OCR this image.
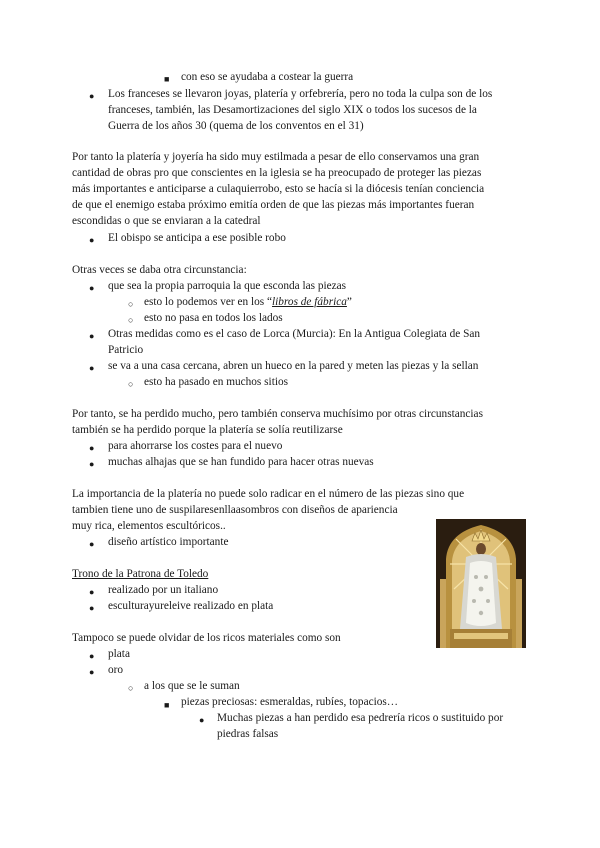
■ con eso se ayudaba a costear la guerra
● Los franceses se llevaron joyas, platería y orfebrería, pero no toda la culpa son de los
franceses, también, las Desamortizaciones del siglo XIX o todos los sucesos de la
Guerra de los años 30 (quema de los conventos en el 31)
Por tanto la platería y joyería ha sido muy estilmada a pesar de ello conservamos una gran
cantidad de obras pro que conscientes en la iglesia se ha preocupado de proteger las piezas
más importantes e anticiparse a culaquierrobo, esto se hacía si la diócesis tenían conciencia
de que el enemigo estaba próximo emitía orden de que las piezas más importantes fueran
escondidas o que se enviaran a la catedral
● El obispo se anticipa a ese posible robo
Otras veces se daba otra circunstancia:
● que sea la propia parroquia la que esconda las piezas
○ esto lo podemos ver en los “libros de fábrica”
○ esto no pasa en todos los lados
● Otras medidas como es el caso de Lorca (Murcia): En la Antigua Colegiata de San
Patricio
● se va a una casa cercana, abren un hueco en la pared y meten las piezas y la sellan
○ esto ha pasado en muchos sitios
Por tanto, se ha perdido mucho, pero también conserva muchísimo por otras circunstancias
también se ha perdido porque la platería se solía reutilizarse
● para ahorrarse los costes para el nuevo
● muchas alhajas que se han fundido para hacer otras nuevas
La importancia de la platería no puede solo radicar en el número de las piezas sino que
tambien tiene uno de suspilaresenllaasombros con diseños de apariencia
muy rica, elementos escultóricos..
● diseño artístico importante
Trono de la Patrona de Toledo
● realizado por un italiano
● esculturayureleive realizado en plata
Tampoco se puede olvidar de los ricos materiales como son
● plata
● oro
○ a los que se le suman
■ piezas preciosas: esmeraldas, rubíes, topacios…
● Muchas piezas a han perdido esa pedrería ricos o sustituido por
piedras falsas
